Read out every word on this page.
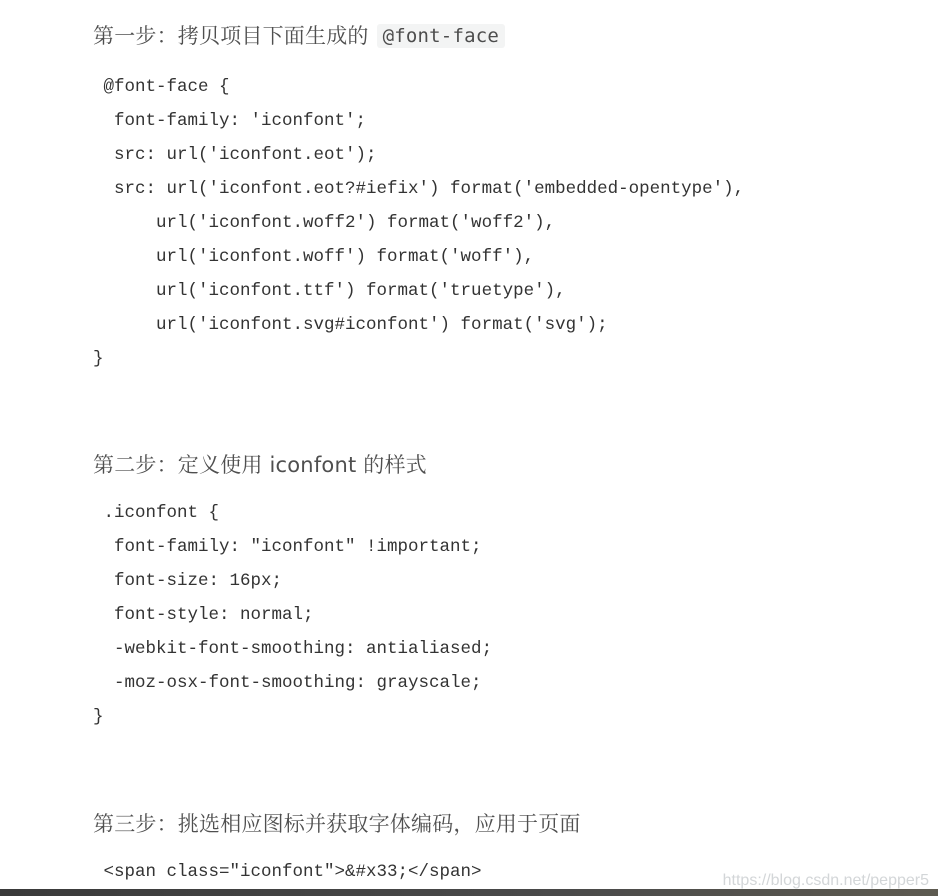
第一步：拷贝项目下面生成的 @font-face
@font-face {
font-family: 'iconfont';
src: url('iconfont.eot');
src: url('iconfont.eot?#iefix') format('embedded-opentype'),
url('iconfont.woff2') format('woff2'),
url('iconfont.woff') format('woff'),
url('iconfont.ttf') format('truetype'),
url('iconfont.svg#iconfont') format('svg');
}
第二步：定义使用 iconfont 的样式
.iconfont {
font-family: "iconfont" !important;
font-size: 16px;
font-style: normal;
-webkit-font-smoothing: antialiased;
-moz-osx-font-smoothing: grayscale;
}
第三步：挑选相应图标并获取字体编码，应用于页面
<span class="iconfont">&#x33;</span>	https://blog.csdn.net/pepper5
